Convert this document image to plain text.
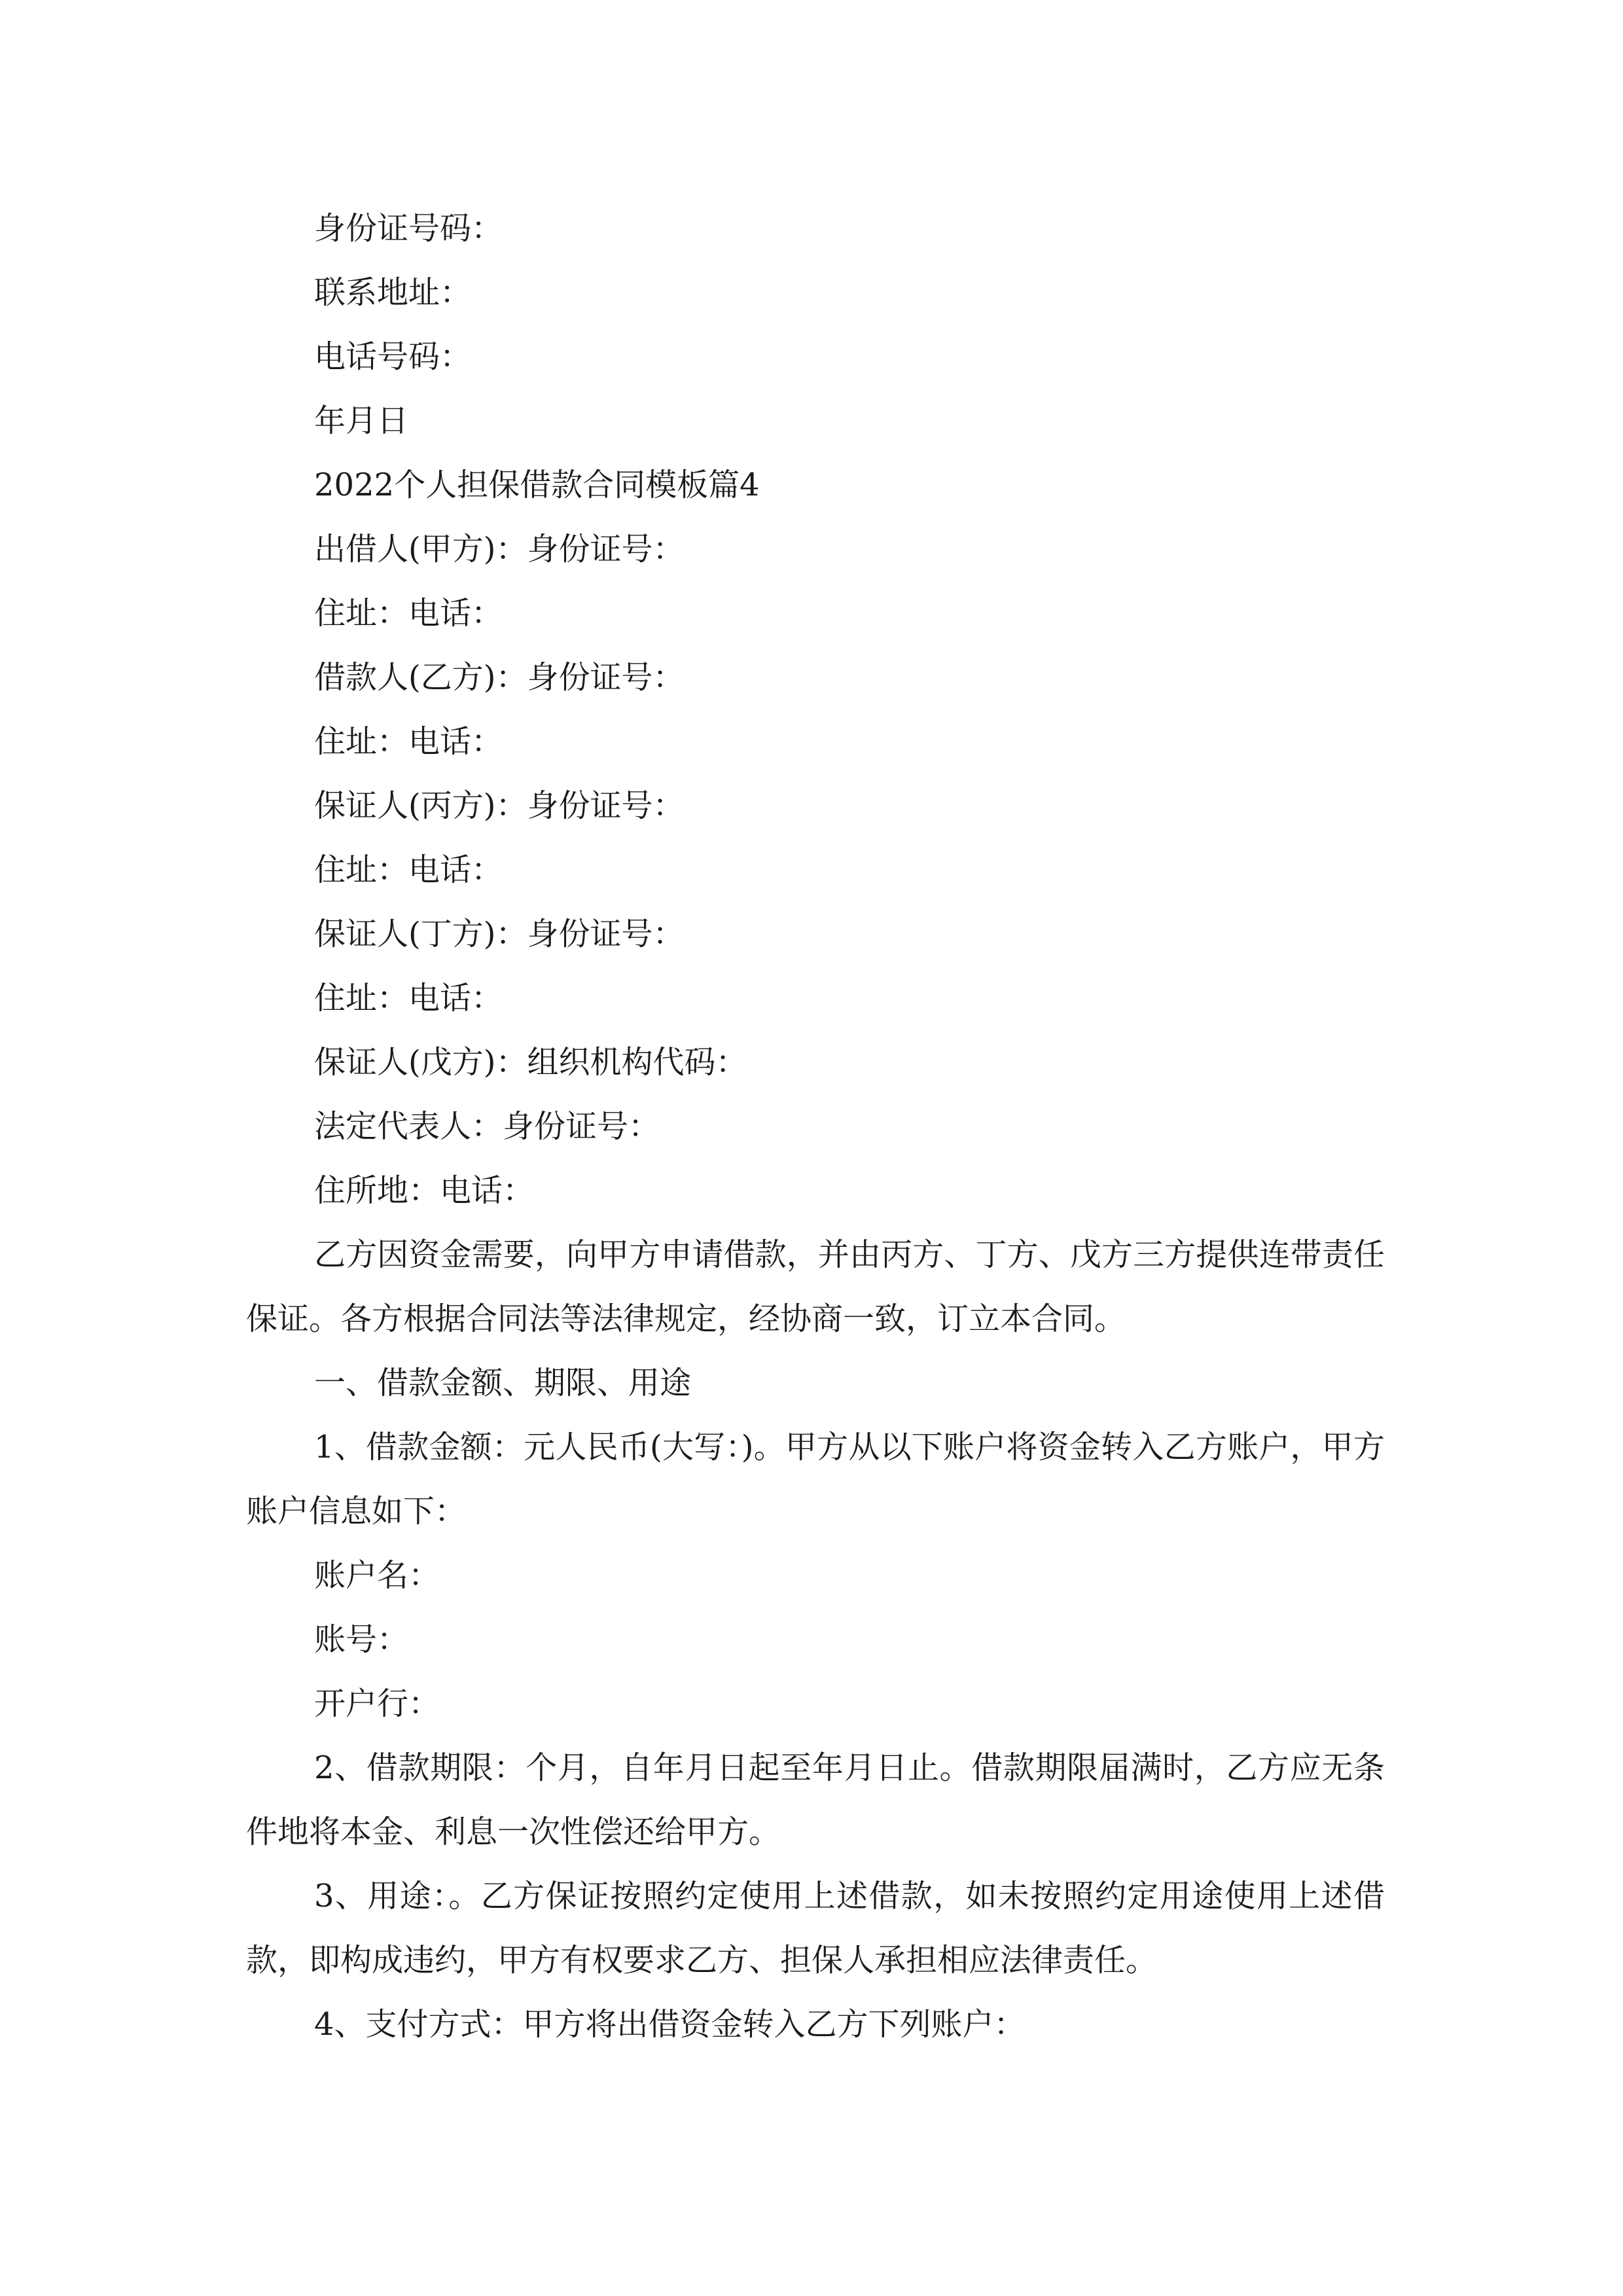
身份证号码：

联系地址：

电话号码：

年月日

2022个人担保借款合同模板篇4

出借人(甲方)：身份证号：

住址：电话：

借款人(乙方)：身份证号：

住址：电话：

保证人(丙方)：身份证号：

住址：电话：

保证人(丁方)：身份证号：

住址：电话：

保证人(戊方)：组织机构代码：

法定代表人：身份证号：

住所地：电话：

乙方因资金需要，向甲方申请借款，并由丙方、丁方、戊方三方提供连带责任保证。各方根据合同法等法律规定，经协商一致，订立本合同。

一、借款金额、期限、用途

1、借款金额：元人民币(大写：)。甲方从以下账户将资金转入乙方账户，甲方账户信息如下：

账户名：

账号：

开户行：

2、借款期限：个月，自年月日起至年月日止。借款期限届满时，乙方应无条件地将本金、利息一次性偿还给甲方。

3、用途：。乙方保证按照约定使用上述借款，如未按照约定用途使用上述借款，即构成违约，甲方有权要求乙方、担保人承担相应法律责任。

4、支付方式：甲方将出借资金转入乙方下列账户：
